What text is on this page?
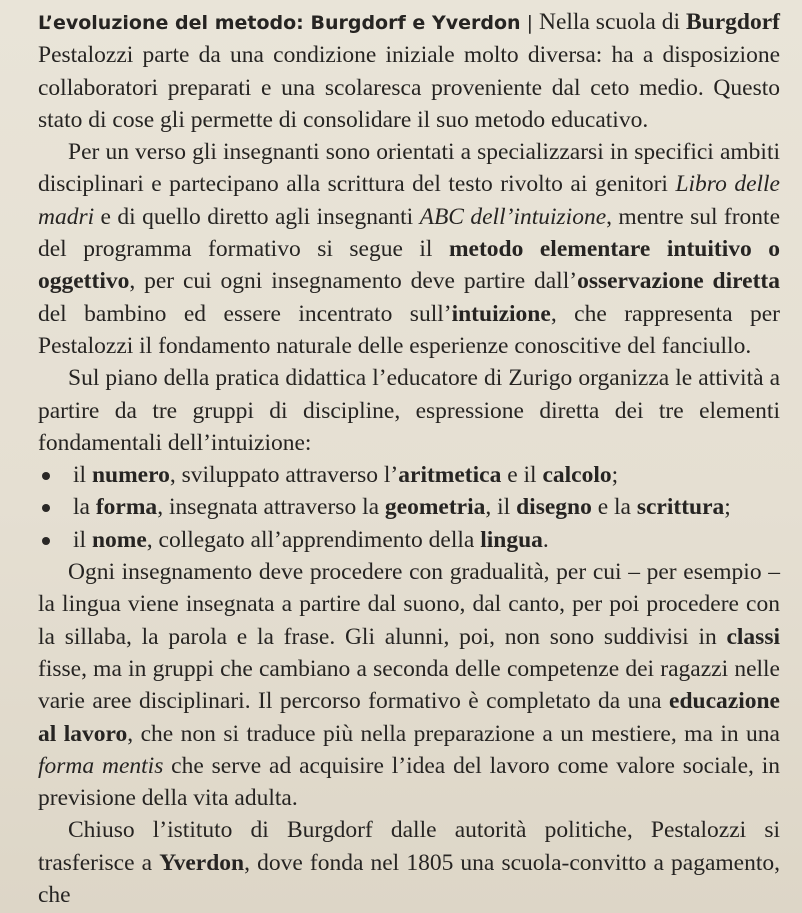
L’evoluzione del metodo: Burgdorf e Yverdon | Nella scuola di Burgdorf Pestalozzi parte da una condizione iniziale molto diversa: ha a disposizione collaboratori preparati e una scolaresca proveniente dal ceto medio. Questo stato di cose gli permette di consolidare il suo metodo educativo.

Per un verso gli insegnanti sono orientati a specializzarsi in specifici ambiti disciplinari e partecipano alla scrittura del testo rivolto ai genitori Libro delle madri e di quello diretto agli insegnanti ABC dell’intuizione, mentre sul fronte del programma formativo si segue il metodo elementare intuitivo o oggettivo, per cui ogni insegnamento deve partire dall’osservazione diretta del bambino ed essere incentrato sull’intuizione, che rappresenta per Pestalozzi il fondamento naturale delle esperienze conoscitive del fanciullo.

Sul piano della pratica didattica l’educatore di Zurigo organizza le attività a partire da tre gruppi di discipline, espressione diretta dei tre elementi fondamentali dell’intuizione:

il numero, sviluppato attraverso l’aritmetica e il calcolo;
la forma, insegnata attraverso la geometria, il disegno e la scrittura;
il nome, collegato all’apprendimento della lingua.

Ogni insegnamento deve procedere con gradualità, per cui – per esempio – la lingua viene insegnata a partire dal suono, dal canto, per poi procedere con la sillaba, la parola e la frase. Gli alunni, poi, non sono suddivisi in classi fisse, ma in gruppi che cambiano a seconda delle competenze dei ragazzi nelle varie aree disciplinari. Il percorso formativo è completato da una educazione al lavoro, che non si traduce più nella preparazione a un mestiere, ma in una forma mentis che serve ad acquisire l’idea del lavoro come valore sociale, in previsione della vita adulta.

Chiuso l’istituto di Burgdorf dalle autorità politiche, Pestalozzi si trasferisce a Yverdon, dove fonda nel 1805 una scuola-convitto a pagamento, che
